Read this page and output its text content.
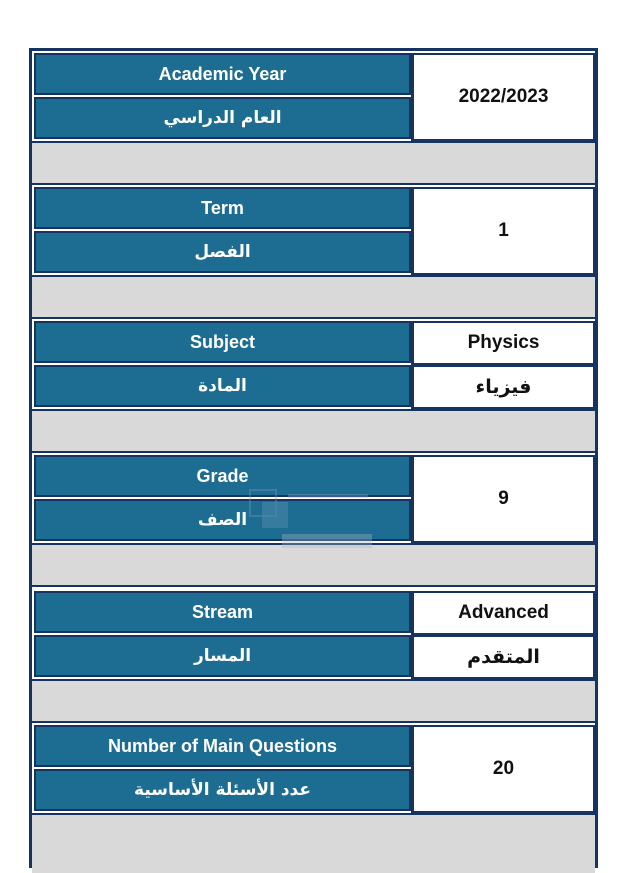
Academic Year
العام الدراسي
2022/2023
Term
الفصل
1
Subject
المادة
Physics
فيزياء
Grade
الصف
9
Stream
المسار
Advanced
المتقدم
Number of Main Questions
عدد الأسئلة الأساسية
20
